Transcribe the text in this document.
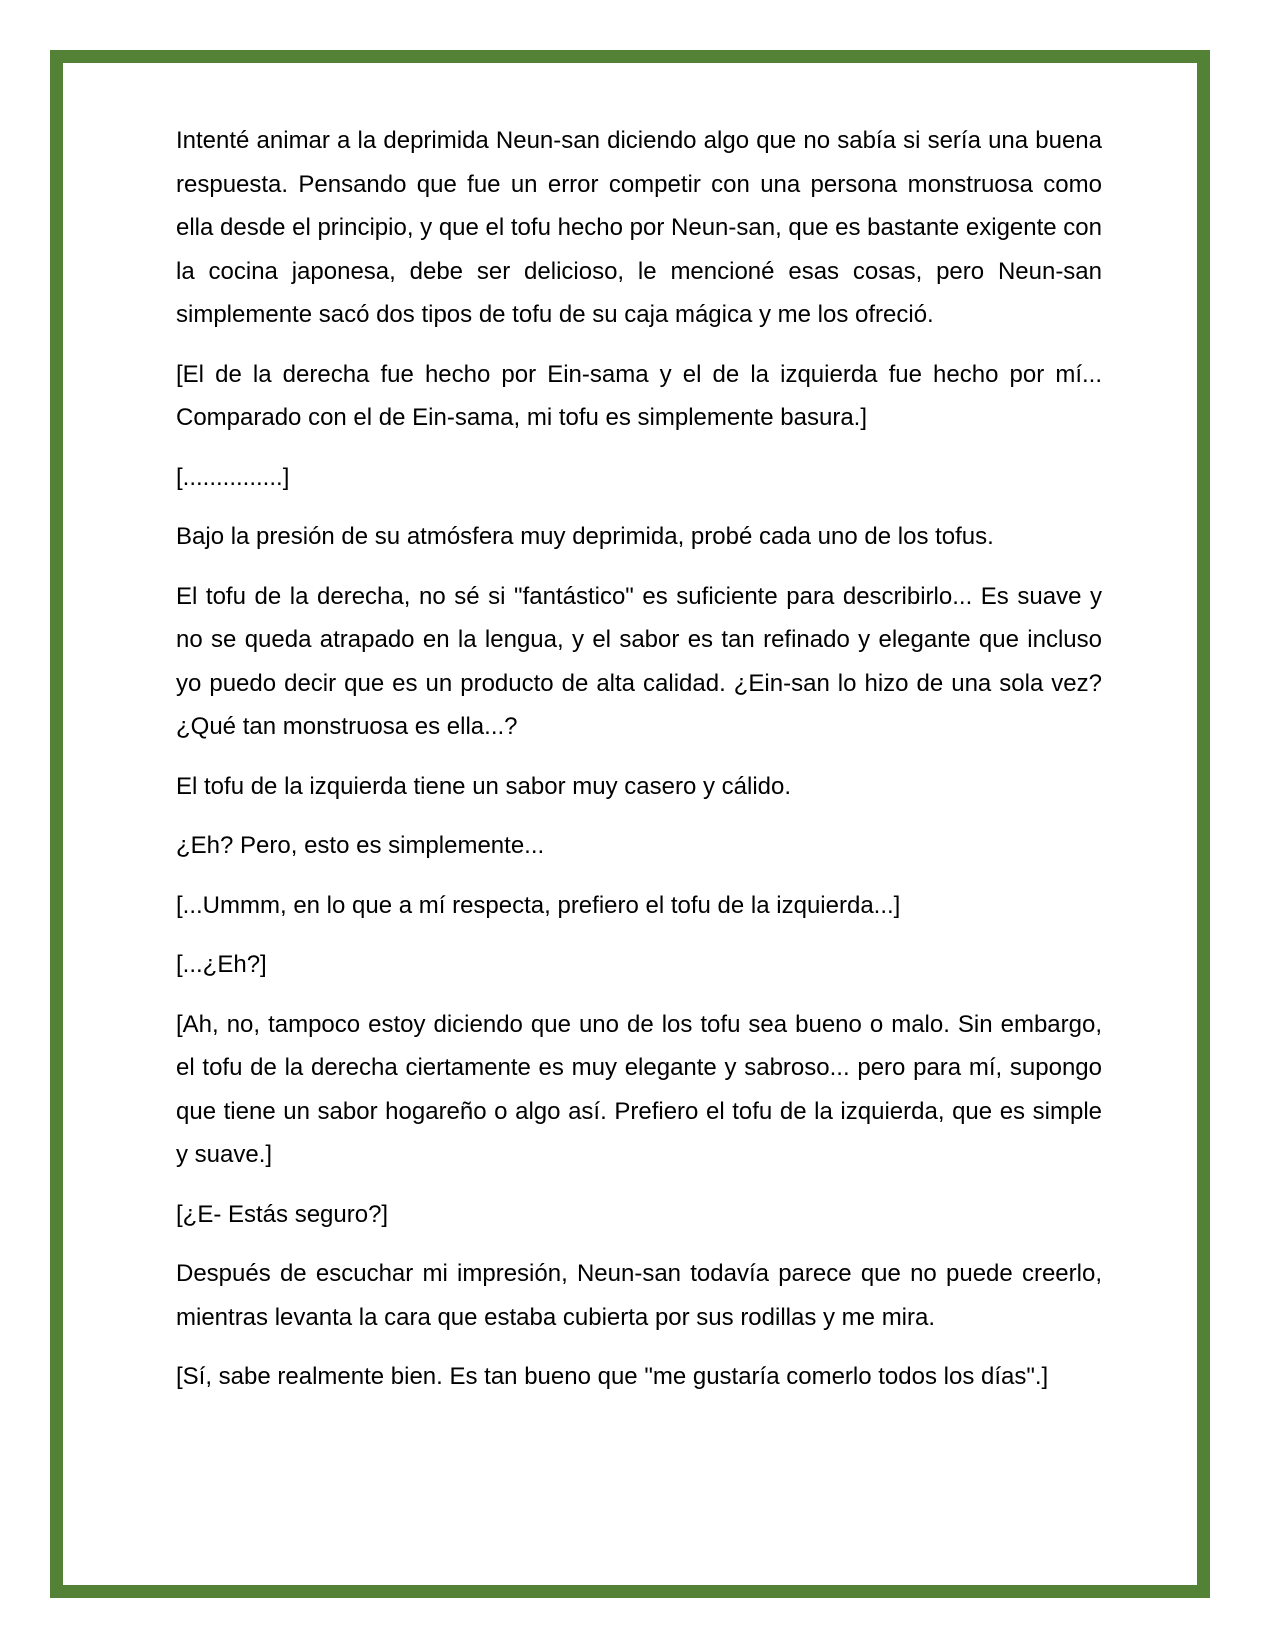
Intenté animar a la deprimida Neun-san diciendo algo que no sabía si sería una buena respuesta. Pensando que fue un error competir con una persona monstruosa como ella desde el principio, y que el tofu hecho por Neun-san, que es bastante exigente con la cocina japonesa, debe ser delicioso, le mencioné esas cosas, pero Neun-san simplemente sacó dos tipos de tofu de su caja mágica y me los ofreció.

[El de la derecha fue hecho por Ein-sama y el de la izquierda fue hecho por mí... Comparado con el de Ein-sama, mi tofu es simplemente basura.]

[...............]

Bajo la presión de su atmósfera muy deprimida, probé cada uno de los tofus.

El tofu de la derecha, no sé si "fantástico" es suficiente para describirlo... Es suave y no se queda atrapado en la lengua, y el sabor es tan refinado y elegante que incluso yo puedo decir que es un producto de alta calidad. ¿Ein-san lo hizo de una sola vez? ¿Qué tan monstruosa es ella...?

El tofu de la izquierda tiene un sabor muy casero y cálido.

¿Eh? Pero, esto es simplemente...

[...Ummm, en lo que a mí respecta, prefiero el tofu de la izquierda...]

[...¿Eh?]

[Ah, no, tampoco estoy diciendo que uno de los tofu sea bueno o malo. Sin embargo, el tofu de la derecha ciertamente es muy elegante y sabroso... pero para mí, supongo que tiene un sabor hogareño o algo así. Prefiero el tofu de la izquierda, que es simple y suave.]

[¿E- Estás seguro?]

Después de escuchar mi impresión, Neun-san todavía parece que no puede creerlo, mientras levanta la cara que estaba cubierta por sus rodillas y me mira.

[Sí, sabe realmente bien. Es tan bueno que "me gustaría comerlo todos los días".]
